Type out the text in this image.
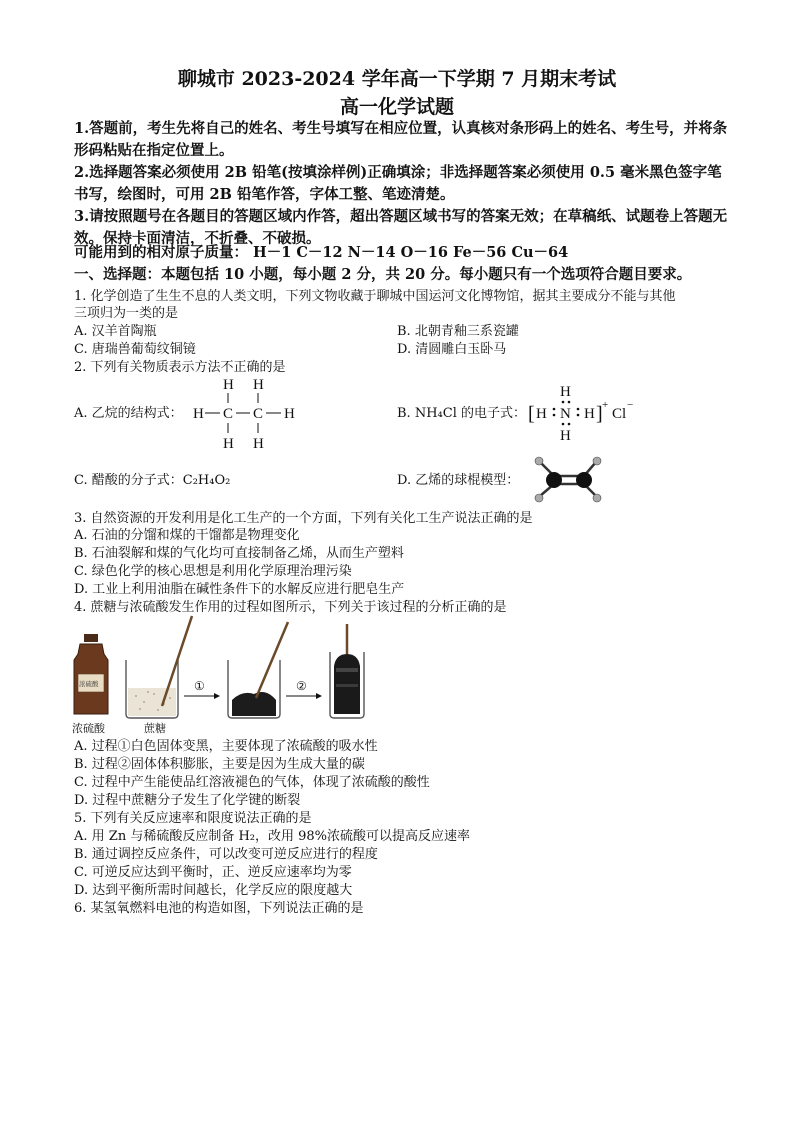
聊城市 2023-2024 学年高一下学期 7 月期末考试
高一化学试题
1.答题前，考生先将自己的姓名、考生号填写在相应位置，认真核对条形码上的姓名、考生号，并将条形码粘贴在指定位置上。
2.选择题答案必须使用 2B 铅笔(按填涂样例)正确填涂；非选择题答案必须使用 0.5 毫米黑色签字笔书写，绘图时，可用 2B 铅笔作答，字体工整、笔迹清楚。
3.请按照题号在各题目的答题区域内作答，超出答题区域书写的答案无效；在草稿纸、试题卷上答题无效。保持卡面清洁，不折叠、不破损。
可能用到的相对原子质量： H－1 C－12 N－14 O－16 Fe－56 Cu－64
一、选择题：本题包括 10 小题，每小题 2 分，共 20 分。每小题只有一个选项符合题目要求。
1. 化学创造了生生不息的人类文明，下列文物收藏于聊城中国运河文化博物馆，据其主要成分不能与其他
三项归为一类的是
A. 汉羊首陶瓶	B. 北朝青釉三系瓷罐
C. 唐瑞兽葡萄纹铜镜	D. 清圆雕白玉卧马
2. 下列有关物质表示方法不正确的是
A. 乙烷的结构式：
H H
H C C H
H H
B. NH₄Cl 的电子式： [ H
H
N
H
H ] +
Cl
−
C. 醋酸的分子式：C₂H₄O₂	D. 乙烯的球棍模型：
3. 自然资源的开发利用是化工生产的一个方面，下列有关化工生产说法正确的是
A. 石油的分馏和煤的干馏都是物理变化
B. 石油裂解和煤的气化均可直接制备乙烯，从而生产塑料
C. 绿色化学的核心思想是利用化学原理治理污染
D. 工业上利用油脂在碱性条件下的水解反应进行肥皂生产
4. 蔗糖与浓硫酸发生作用的过程如图所示，下列关于该过程的分析正确的是
浓硫酸
浓硫酸	蔗糖
①	②
A. 过程①白色固体变黑，主要体现了浓硫酸的吸水性
B. 过程②固体体积膨胀，主要是因为生成大量的碳
C. 过程中产生能使品红溶液褪色的气体，体现了浓硫酸的酸性
D. 过程中蔗糖分子发生了化学键的断裂
5. 下列有关反应速率和限度说法正确的是
A. 用 Zn 与稀硫酸反应制备 H₂，改用 98%浓硫酸可以提高反应速率
B. 通过调控反应条件，可以改变可逆反应进行的程度
C. 可逆反应达到平衡时，正、逆反应速率均为零
D. 达到平衡所需时间越长，化学反应的限度越大
6. 某氢氧燃料电池的构造如图，下列说法正确的是
